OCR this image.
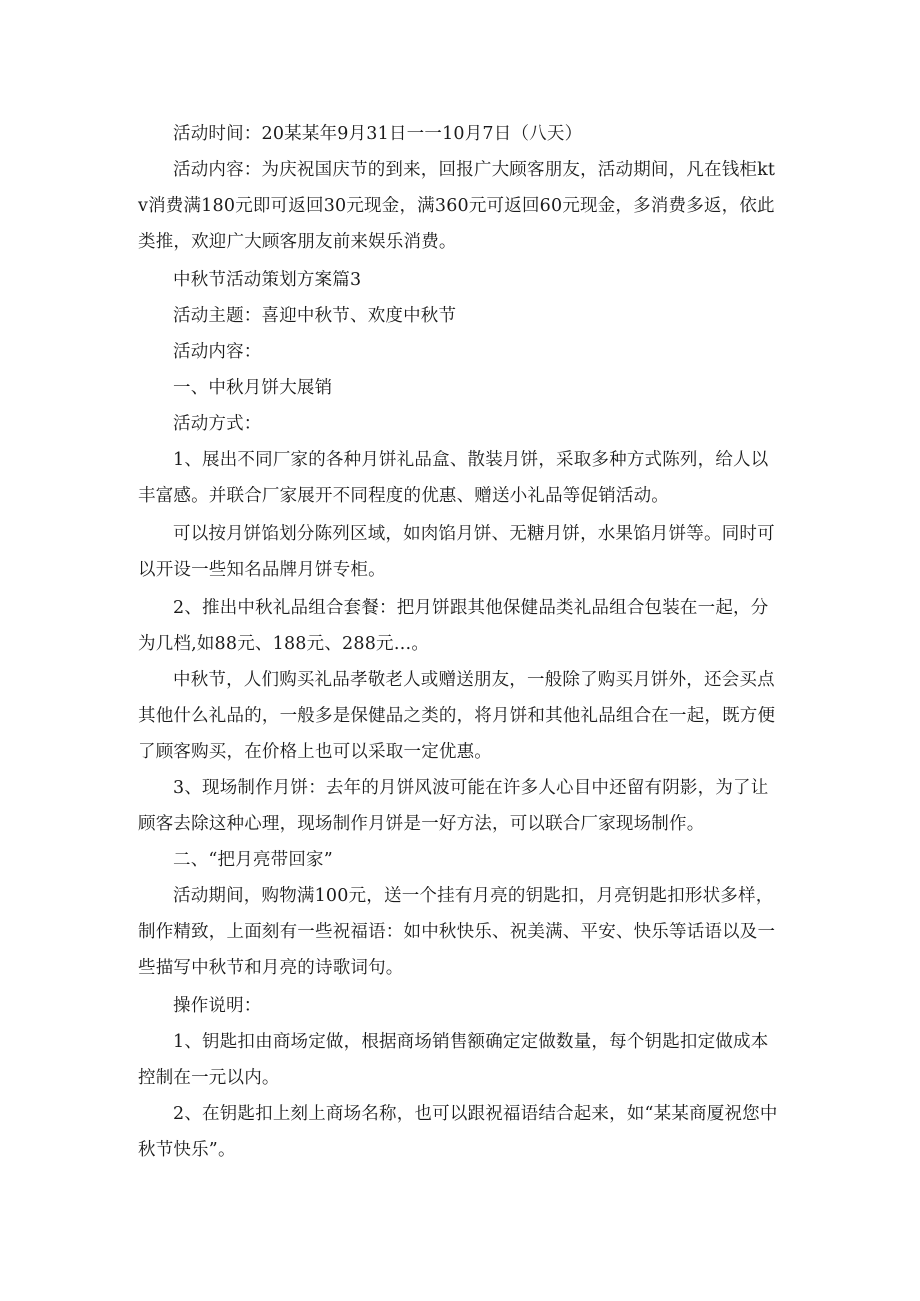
活动时间：20某某年9月31日一一10月7日（八天）

活动内容：为庆祝国庆节的到来，回报广大顾客朋友，活动期间，凡在钱柜ktv消费满180元即可返回30元现金，满360元可返回60元现金，多消费多返，依此类推，欢迎广大顾客朋友前来娱乐消费。

中秋节活动策划方案篇3

活动主题：喜迎中秋节、欢度中秋节

活动内容：

一、中秋月饼大展销

活动方式：

1、展出不同厂家的各种月饼礼品盒、散装月饼，采取多种方式陈列，给人以丰富感。并联合厂家展开不同程度的优惠、赠送小礼品等促销活动。

可以按月饼馅划分陈列区域，如肉馅月饼、无糖月饼，水果馅月饼等。同时可以开设一些知名品牌月饼专柜。

2、推出中秋礼品组合套餐：把月饼跟其他保健品类礼品组合包装在一起，分为几档,如88元、188元、288元…。

中秋节，人们购买礼品孝敬老人或赠送朋友，一般除了购买月饼外，还会买点其他什么礼品的，一般多是保健品之类的，将月饼和其他礼品组合在一起，既方便了顾客购买，在价格上也可以采取一定优惠。

3、现场制作月饼：去年的月饼风波可能在许多人心目中还留有阴影，为了让顾客去除这种心理，现场制作月饼是一好方法，可以联合厂家现场制作。

二、“把月亮带回家”

活动期间，购物满100元，送一个挂有月亮的钥匙扣，月亮钥匙扣形状多样，制作精致，上面刻有一些祝福语：如中秋快乐、祝美满、平安、快乐等话语以及一些描写中秋节和月亮的诗歌词句。

操作说明：

1、钥匙扣由商场定做，根据商场销售额确定定做数量，每个钥匙扣定做成本控制在一元以内。

2、在钥匙扣上刻上商场名称，也可以跟祝福语结合起来，如“某某商厦祝您中秋节快乐”。
